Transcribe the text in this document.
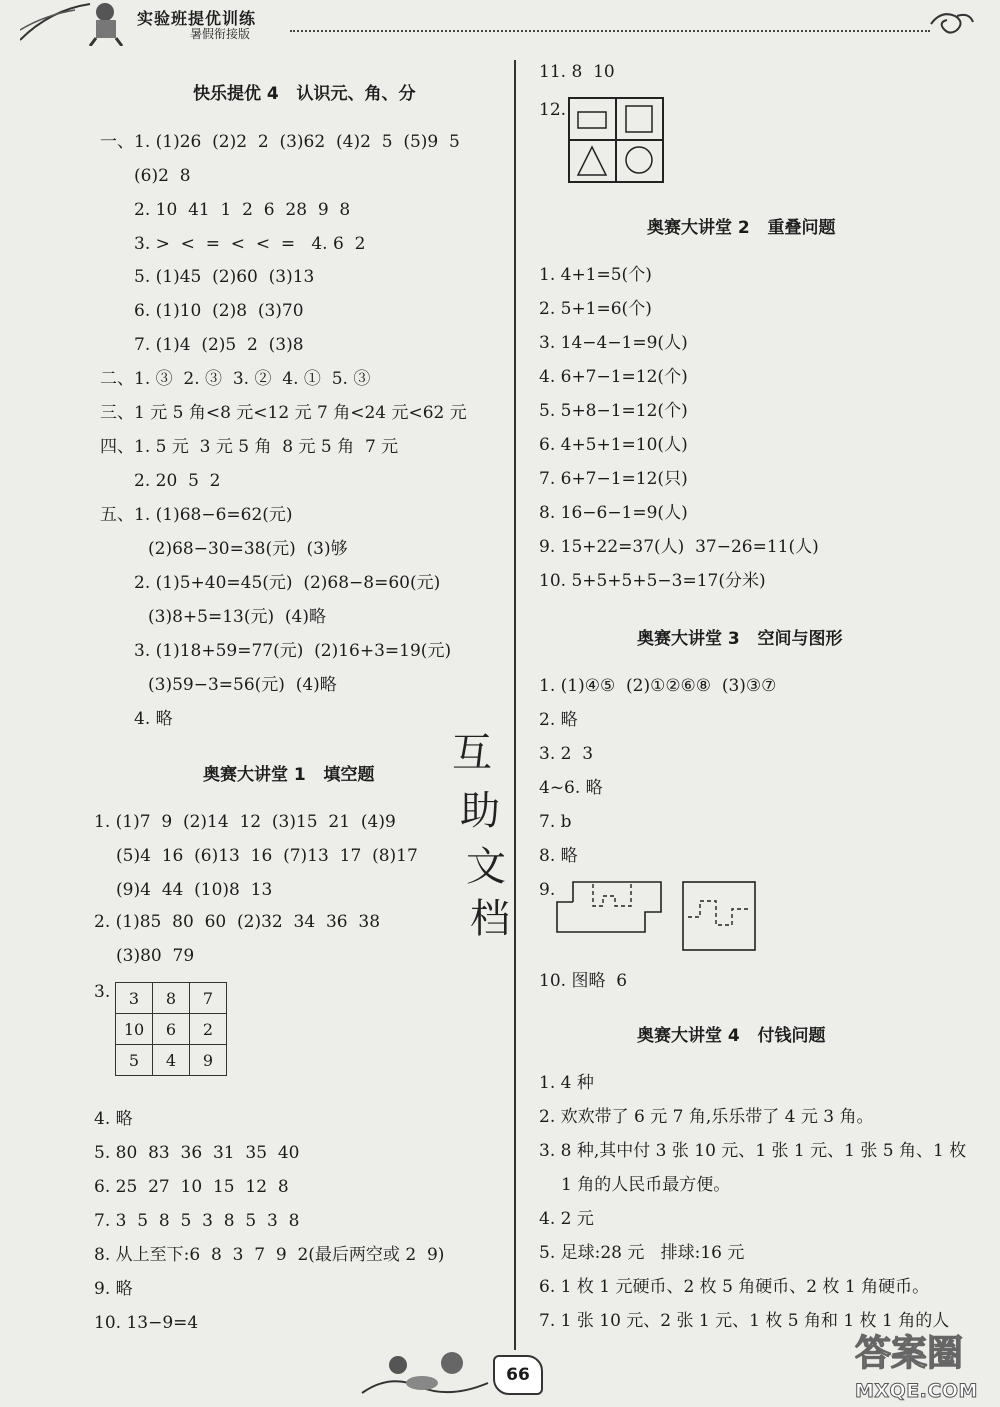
实验班提优训练
暑假衔接版
快乐提优 4   认识元、角、分
一、1. (1)26  (2)2  2  (3)62  (4)2  5  (5)9  5
(6)2  8
2. 10  41  1  2  6  28  9  8
3. >  <  =  <  <  =   4. 6  2
5. (1)45  (2)60  (3)13
6. (1)10  (2)8  (3)70
7. (1)4  (2)5  2  (3)8
二、1. ③  2. ③  3. ②  4. ①  5. ③
三、1 元 5 角<8 元<12 元 7 角<24 元<62 元
四、1. 5 元  3 元 5 角  8 元 5 角  7 元
2. 20  5  2
五、1. (1)68−6=62(元)
(2)68−30=38(元)  (3)够
2. (1)5+40=45(元)  (2)68−8=60(元)
(3)8+5=13(元)  (4)略
3. (1)18+59=77(元)  (2)16+3=19(元)
(3)59−3=56(元)  (4)略
4. 略
奥赛大讲堂 1   填空题
1. (1)7  9  (2)14  12  (3)15  21  (4)9
(5)4  16  (6)13  16  (7)13  17  (8)17
(9)4  44  (10)8  13
2. (1)85  80  60  (2)32  34  36  38
(3)80  79
3. 3	8	7
10	6	2
5	4	9
4. 略
5. 80  83  36  31  35  40
6. 25  27  10  15  12  8
7. 3  5  8  5  3  8  5  3  8
8. 从上至下:6  8  3  7  9  2(最后两空或 2  9)
9. 略
10. 13−9=4
互
助
文
档
11. 8  10
12.
奥赛大讲堂 2   重叠问题
1. 4+1=5(个)
2. 5+1=6(个)
3. 14−4−1=9(人)
4. 6+7−1=12(个)
5. 5+8−1=12(个)
6. 4+5+1=10(人)
7. 6+7−1=12(只)
8. 16−6−1=9(人)
9. 15+22=37(人)  37−26=11(人)
10. 5+5+5+5−3=17(分米)
奥赛大讲堂 3   空间与图形
1. (1)④⑤  (2)①②⑥⑧  (3)③⑦
2. 略
3. 2  3
4~6. 略
7. b
8. 略
9.
10. 图略  6
奥赛大讲堂 4   付钱问题
1. 4 种
2. 欢欢带了 6 元 7 角,乐乐带了 4 元 3 角。
3. 8 种,其中付 3 张 10 元、1 张 1 元、1 张 5 角、1 枚
1 角的人民币最方便。
4. 2 元
5. 足球:28 元   排球:16 元
6. 1 枚 1 元硬币、2 枚 5 角硬币、2 枚 1 角硬币。
7. 1 张 10 元、2 张 1 元、1 枚 5 角和 1 枚 1 角的人
66
答案圈
MXQE.COM
